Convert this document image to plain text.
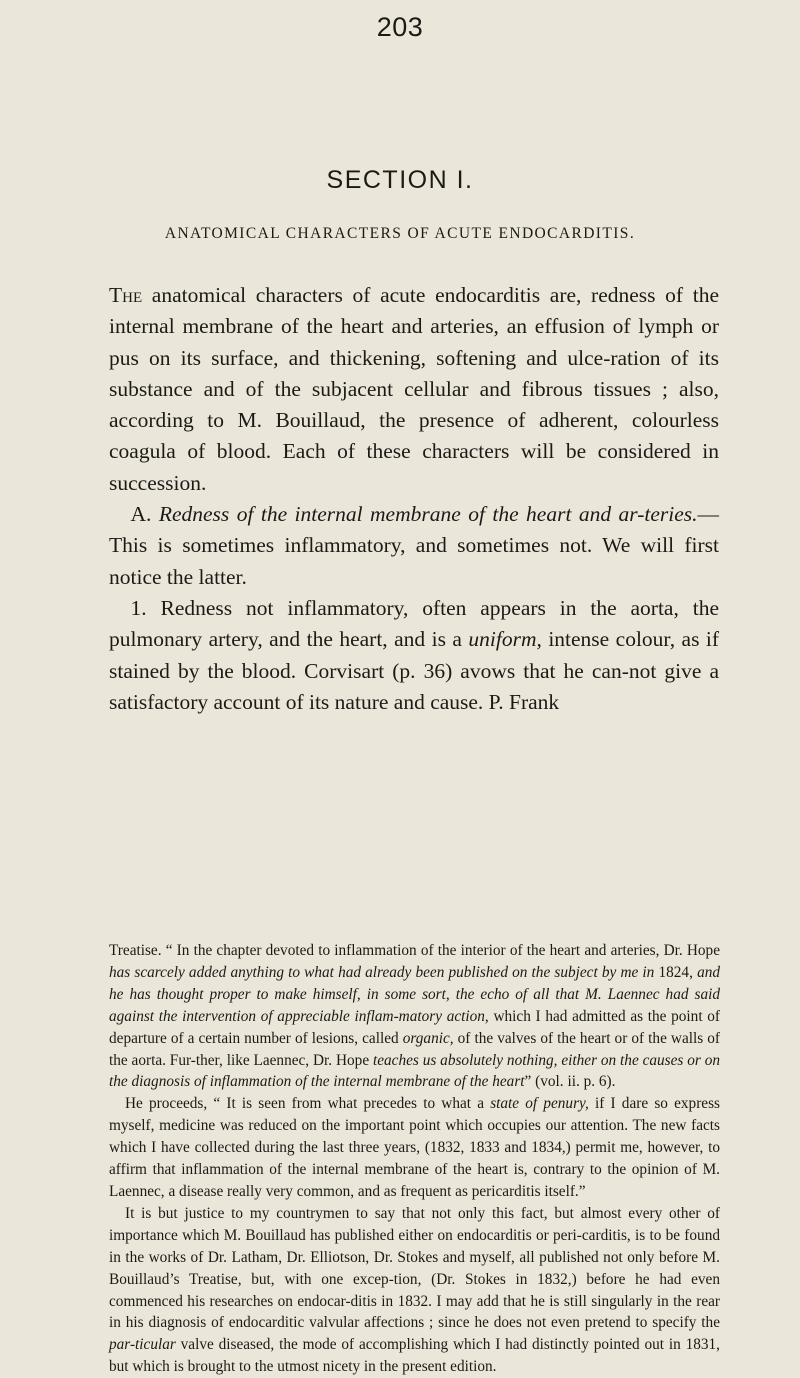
203
SECTION I.
ANATOMICAL CHARACTERS OF ACUTE ENDOCARDITIS.

The anatomical characters of acute endocarditis are, redness of the internal membrane of the heart and arteries, an effusion of lymph or pus on its surface, and thickening, softening and ulce-ration of its substance and of the subjacent cellular and fibrous tissues ; also, according to M. Bouillaud, the presence of adherent, colourless coagula of blood. Each of these characters will be considered in succession.

 A. Redness of the internal membrane of the heart and ar-teries.—This is sometimes inflammatory, and sometimes not. We will first notice the latter.

 1. Redness not inflammatory, often appears in the aorta, the pulmonary artery, and the heart, and is a uniform, intense colour, as if stained by the blood. Corvisart (p. 36) avows that he can-not give a satisfactory account of its nature and cause. P. Frank

Treatise. “ In the chapter devoted to inflammation of the interior of the heart and arteries, Dr. Hope has scarcely added anything to what had already been published on the subject by me in 1824, and he has thought proper to make himself, in some sort, the echo of all that M. Laennec had said against the intervention of appreciable inflam-matory action, which I had admitted as the point of departure of a certain number of lesions, called organic, of the valves of the heart or of the walls of the aorta. Fur-ther, like Laennec, Dr. Hope teaches us absolutely nothing, either on the causes or on the diagnosis of inflammation of the internal membrane of the heart” (vol. ii. p. 6).

He proceeds, “ It is seen from what precedes to what a state of penury, if I dare so express myself, medicine was reduced on the important point which occupies our attention. The new facts which I have collected during the last three years, (1832, 1833 and 1834,) permit me, however, to affirm that inflammation of the internal membrane of the heart is, contrary to the opinion of M. Laennec, a disease really very common, and as frequent as pericarditis itself.”

It is but justice to my countrymen to say that not only this fact, but almost every other of importance which M. Bouillaud has published either on endocarditis or peri-carditis, is to be found in the works of Dr. Latham, Dr. Elliotson, Dr. Stokes and myself, all published not only before M. Bouillaud’s Treatise, but, with one excep-tion, (Dr. Stokes in 1832,) before he had even commenced his researches on endocar-ditis in 1832. I may add that he is still singularly in the rear in his diagnosis of endocarditic valvular affections ; since he does not even pretend to specify the par-ticular valve diseased, the mode of accomplishing which I had distinctly pointed out in 1831, but which is brought to the utmost nicety in the present edition.
